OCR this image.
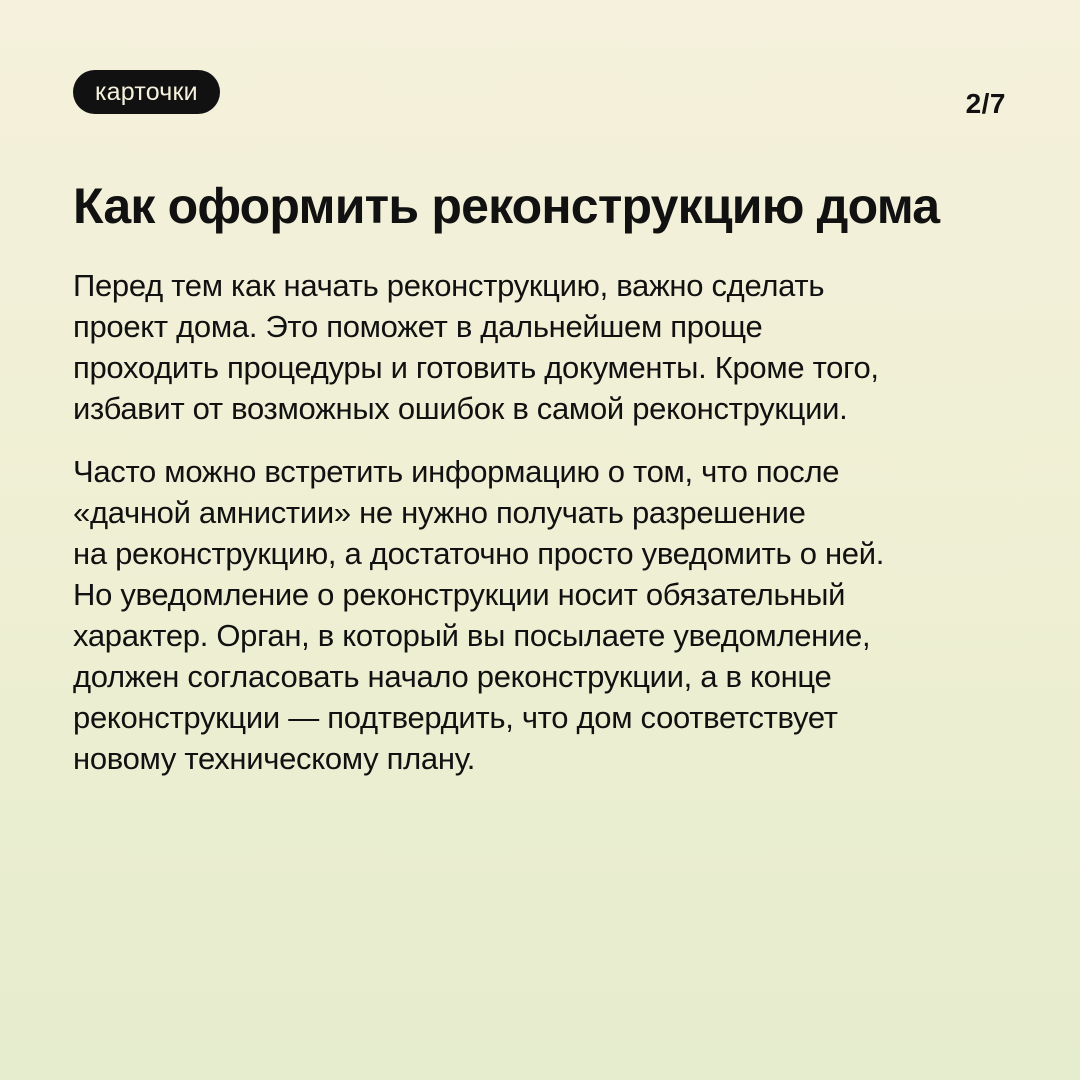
карточки	2/7
Как оформить реконструкцию дома

Перед тем как начать реконструкцию, важно сделать
проект дома. Это поможет в дальнейшем проще
проходить процедуры и готовить документы. Кроме того,
избавит от возможных ошибок в самой реконструкции.

Часто можно встретить информацию о том, что после
«дачной амнистии» не нужно получать разрешение
на реконструкцию, а достаточно просто уведомить о ней.
Но уведомление о реконструкции носит обязательный
характер. Орган, в который вы посылаете уведомление,
должен согласовать начало реконструкции, а в конце
реконструкции — подтвердить, что дом соответствует
новому техническому плану.
